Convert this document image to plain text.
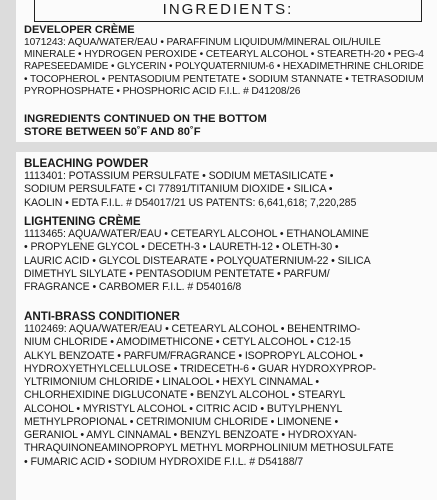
INGREDIENTS:
DEVELOPER CRÈME
1071243: AQUA/WATER/EAU • PARAFFINUM LIQUIDUM/MINERAL OIL/HUILE
MINERALE • HYDROGEN PEROXIDE • CETEARYL ALCOHOL • STEARETH-20 • PEG-4
RAPESEEDAMIDE • GLYCERIN • POLYQUATERNIUM-6 • HEXADIMETHRINE CHLORIDE
• TOCOPHEROL • PENTASODIUM PENTETATE • SODIUM STANNATE • TETRASODIUM
PYROPHOSPHATE • PHOSPHORIC ACID F.I.L. # D41208/26
INGREDIENTS CONTINUED ON THE BOTTOM
STORE BETWEEN 50˚F AND 80˚F
BLEACHING POWDER
1113401: POTASSIUM PERSULFATE • SODIUM METASILICATE •
SODIUM PERSULFATE • CI 77891/TITANIUM DIOXIDE • SILICA •
KAOLIN • EDTA F.I.L. # D54017/21 US PATENTS: 6,641,618; 7,220,285
LIGHTENING CRÈME
1113465: AQUA/WATER/EAU • CETEARYL ALCOHOL • ETHANOLAMINE
• PROPYLENE GLYCOL • DECETH-3 • LAURETH-12 • OLETH-30 •
LAURIC ACID • GLYCOL DISTEARATE • POLYQUATERNIUM-22 • SILICA
DIMETHYL SILYLATE • PENTASODIUM PENTETATE • PARFUM/
FRAGRANCE • CARBOMER F.I.L. # D54016/8
ANTI-BRASS CONDITIONER
1102469: AQUA/WATER/EAU • CETEARYL ALCOHOL • BEHENTRIMO-
NIUM CHLORIDE • AMODIMETHICONE • CETYL ALCOHOL • C12-15
ALKYL BENZOATE • PARFUM/FRAGRANCE • ISOPROPYL ALCOHOL •
HYDROXYETHYLCELLULOSE • TRIDECETH-6 • GUAR HYDROXYPROP-
YLTRIMONIUM CHLORIDE • LINALOOL • HEXYL CINNAMAL •
CHLORHEXIDINE DIGLUCONATE • BENZYL ALCOHOL • STEARYL
ALCOHOL • MYRISTYL ALCOHOL • CITRIC ACID • BUTYLPHENYL
METHYLPROPIONAL • CETRIMONIUM CHLORIDE • LIMONENE •
GERANIOL • AMYL CINNAMAL • BENZYL BENZOATE • HYDROXYAN-
THRAQUINONEAMINOPROPYL METHYL MORPHOLINIUM METHOSULFATE
• FUMARIC ACID • SODIUM HYDROXIDE F.I.L. # D54188/7
